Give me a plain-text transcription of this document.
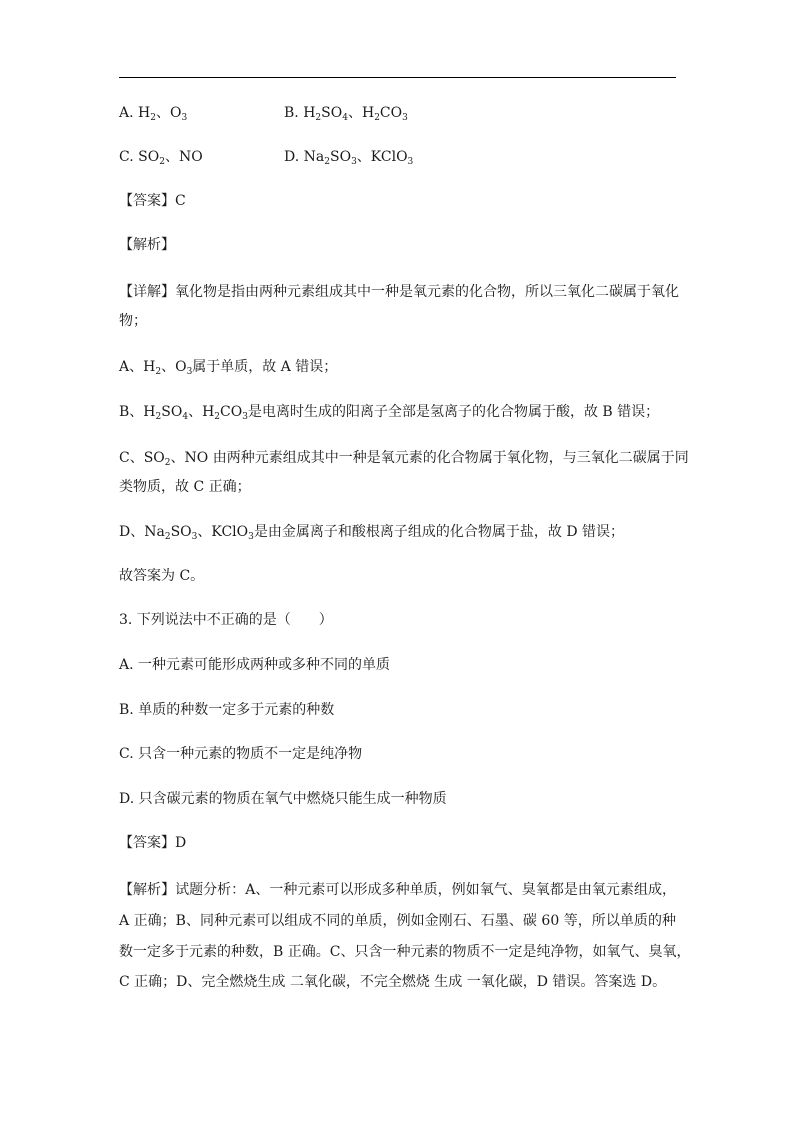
A. $H_2$、$O_3$	B. $H_2SO_4$、$H_2CO_3$
C. $SO_2$、NO	D. $Na_2SO_3$、KClO$_3$
【答案】C
【解析】
【详解】氧化物是指由两种元素组成其中一种是氧元素的化合物，所以三氧化二碳属于氧化
物；
A、$H_2$、$O_3$属于单质，故 A 错误；
B、$H_2SO_4$、$H_2CO_3$是电离时生成的阳离子全部是氢离子的化合物属于酸，故 B 错误；
C、$SO_2$、NO 由两种元素组成其中一种是氧元素的化合物属于氧化物，与三氧化二碳属于同
类物质，故 C 正确；
D、$Na_2SO_3$、KClO$_3$是由金属离子和酸根离子组成的化合物属于盐，故 D 错误；
故答案为 C。
3. 下列说法中不正确的是（　　）
A. 一种元素可能形成两种或多种不同的单质
B. 单质的种数一定多于元素的种数
C. 只含一种元素的物质不一定是纯净物
D. 只含碳元素的物质在氧气中燃烧只能生成一种物质
【答案】D
【解析】试题分析：A、一种元素可以形成多种单质，例如氧气、臭氧都是由氧元素组成，
A 正确；B、同种元素可以组成不同的单质，例如金刚石、石墨、碳 60 等，所以单质的种
数一定多于元素的种数，B 正确。C、只含一种元素的物质不一定是纯净物，如氧气、臭氧，
C 正确；D、完全燃烧生成 二氧化碳，不完全燃烧 生成 一氧化碳，D 错误。答案选 D。
